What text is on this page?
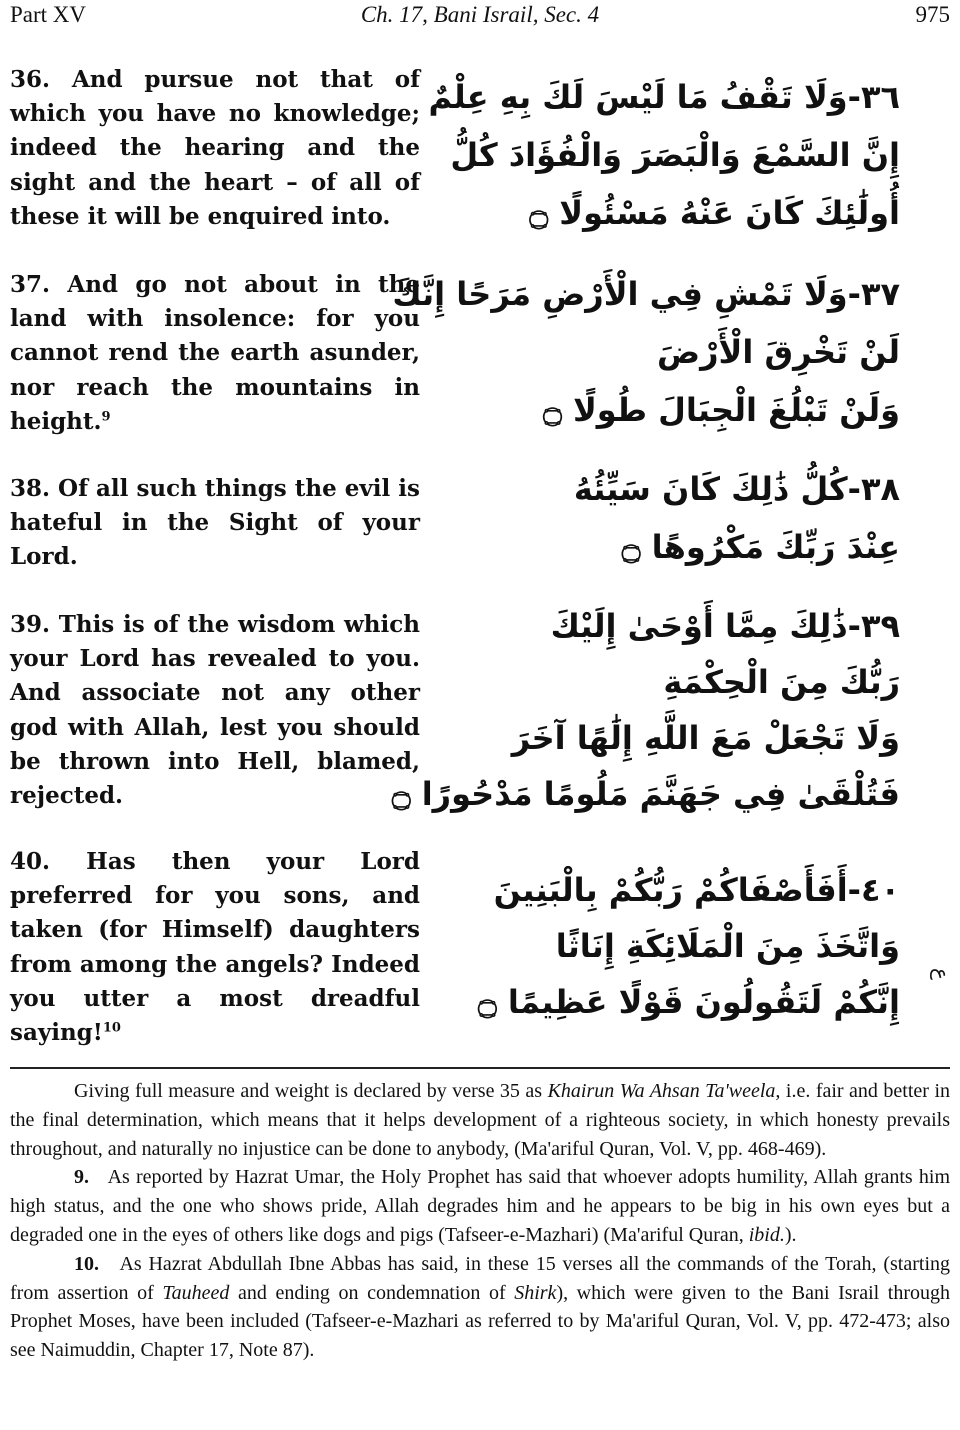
Part XV	Ch. 17, Bani Israil, Sec. 4	975
36. And pursue not that of which you have no knowledge; indeed the hearing and the sight and the heart – of all of these it will be enquired into.
٣٦-وَلَا تَقْفُ مَا لَيْسَ لَكَ بِهِ عِلْمٌ
إِنَّ السَّمْعَ وَالْبَصَرَ وَالْفُؤَادَ كُلُّ
أُولَٰئِكَ كَانَ عَنْهُ مَسْئُولًا ۝
37. And go not about in the land with insolence: for you cannot rend the earth asunder, nor reach the mountains in height.$^9$
٣٧-وَلَا تَمْشِ فِي الْأَرْضِ مَرَحًا إِنَّكَ
لَنْ تَخْرِقَ الْأَرْضَ
وَلَنْ تَبْلُغَ الْجِبَالَ طُولًا ۝
38. Of all such things the evil is hateful in the Sight of your Lord.
٣٨-كُلُّ ذَٰلِكَ كَانَ سَيِّئُهُ
عِنْدَ رَبِّكَ مَكْرُوهًا ۝
39. This is of the wisdom which your Lord has revealed to you. And associate not any other god with Allah, lest you should be thrown into Hell, blamed, rejected.
٣٩-ذَٰلِكَ مِمَّا أَوْحَىٰ إِلَيْكَ
رَبُّكَ مِنَ الْحِكْمَةِ
وَلَا تَجْعَلْ مَعَ اللَّهِ إِلَٰهًا آخَرَ
فَتُلْقَىٰ فِي جَهَنَّمَ مَلُومًا مَدْحُورًا ۝
40. Has then your Lord preferred for you sons, and taken (for Himself) daughters from among the angels? Indeed you utter a most dreadful saying!$^{10}$
٤٠-أَفَأَصْفَاكُمْ رَبُّكُمْ بِالْبَنِينَ
وَاتَّخَذَ مِنَ الْمَلَائِكَةِ إِنَاثًا
إِنَّكُمْ لَتَقُولُونَ قَوْلًا عَظِيمًا ۝
ع

Giving full measure and weight is declared by verse 35 as Khairun Wa Ahsan Ta'weela, i.e. fair and better in the final determination, which means that it helps development of a righteous society, in which honesty prevails throughout, and naturally no injustice can be done to anybody, (Ma'ariful Quran, Vol. V, pp. 468-469).

9. As reported by Hazrat Umar, the Holy Prophet has said that whoever adopts humility, Allah grants him high status, and the one who shows pride, Allah degrades him and he appears to be big in his own eyes but a degraded one in the eyes of others like dogs and pigs (Tafseer-e-Mazhari) (Ma'ariful Quran, ibid.).

10. As Hazrat Abdullah Ibne Abbas has said, in these 15 verses all the commands of the Torah, (starting from assertion of Tauheed and ending on condemnation of Shirk), which were given to the Bani Israil through Prophet Moses, have been included (Tafseer-e-Mazhari as referred to by Ma'ariful Quran, Vol. V, pp. 472-473; also see Naimuddin, Chapter 17, Note 87).
